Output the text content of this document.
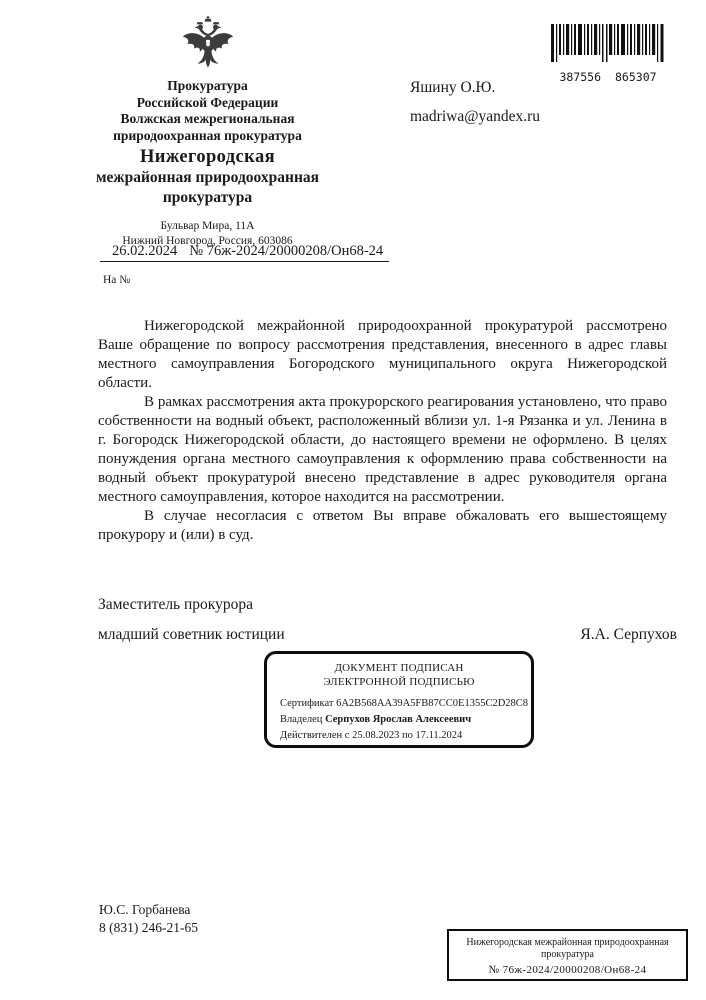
Прокуратура
Российской Федерации
Волжская межрегиональная
природоохранная прокуратура
Нижегородская
межрайонная природоохранная
прокуратура
Бульвар Мира, 11А
Нижний Новгород, Россия, 603086
387556 865307
Яшину О.Ю.
madriwa@yandex.ru
26.02.2024 № 76ж-2024/20000208/Он68-24
На №

Нижегородской межрайонной природоохранной прокуратурой рассмотрено Ваше обращение по вопросу рассмотрения представления, внесенного в адрес главы местного самоуправления Богородского муниципального округа Нижегородской области.

В рамках рассмотрения акта прокурорского реагирования установлено, что право собственности на водный объект, расположенный вблизи ул. 1-я Рязанка и ул. Ленина в г. Богородск Нижегородской области, до настоящего времени не оформлено. В целях понуждения органа местного самоуправления к оформлению права собственности на водный объект прокуратурой внесено представление в адрес руководителя органа местного самоуправления, которое находится на рассмотрении.

В случае несогласия с ответом Вы вправе обжаловать его вышестоящему прокурору и (или) в суд.

Заместитель прокурора
младший советник юстиции	Я.А. Серпухов
ДОКУМЕНТ ПОДПИСАН
ЭЛЕКТРОННОЙ ПОДПИСЬЮ
Сертификат 6A2B568AA39A5FB87CC0E1355C2D28C8
Владелец Серпухов Ярослав Алексеевич
Действителен с 25.08.2023 по 17.11.2024
Ю.С. Горбанева
8 (831) 246-21-65
Нижегородская межрайонная природоохранная прокуратура
№ 76ж-2024/20000208/Он68-24
